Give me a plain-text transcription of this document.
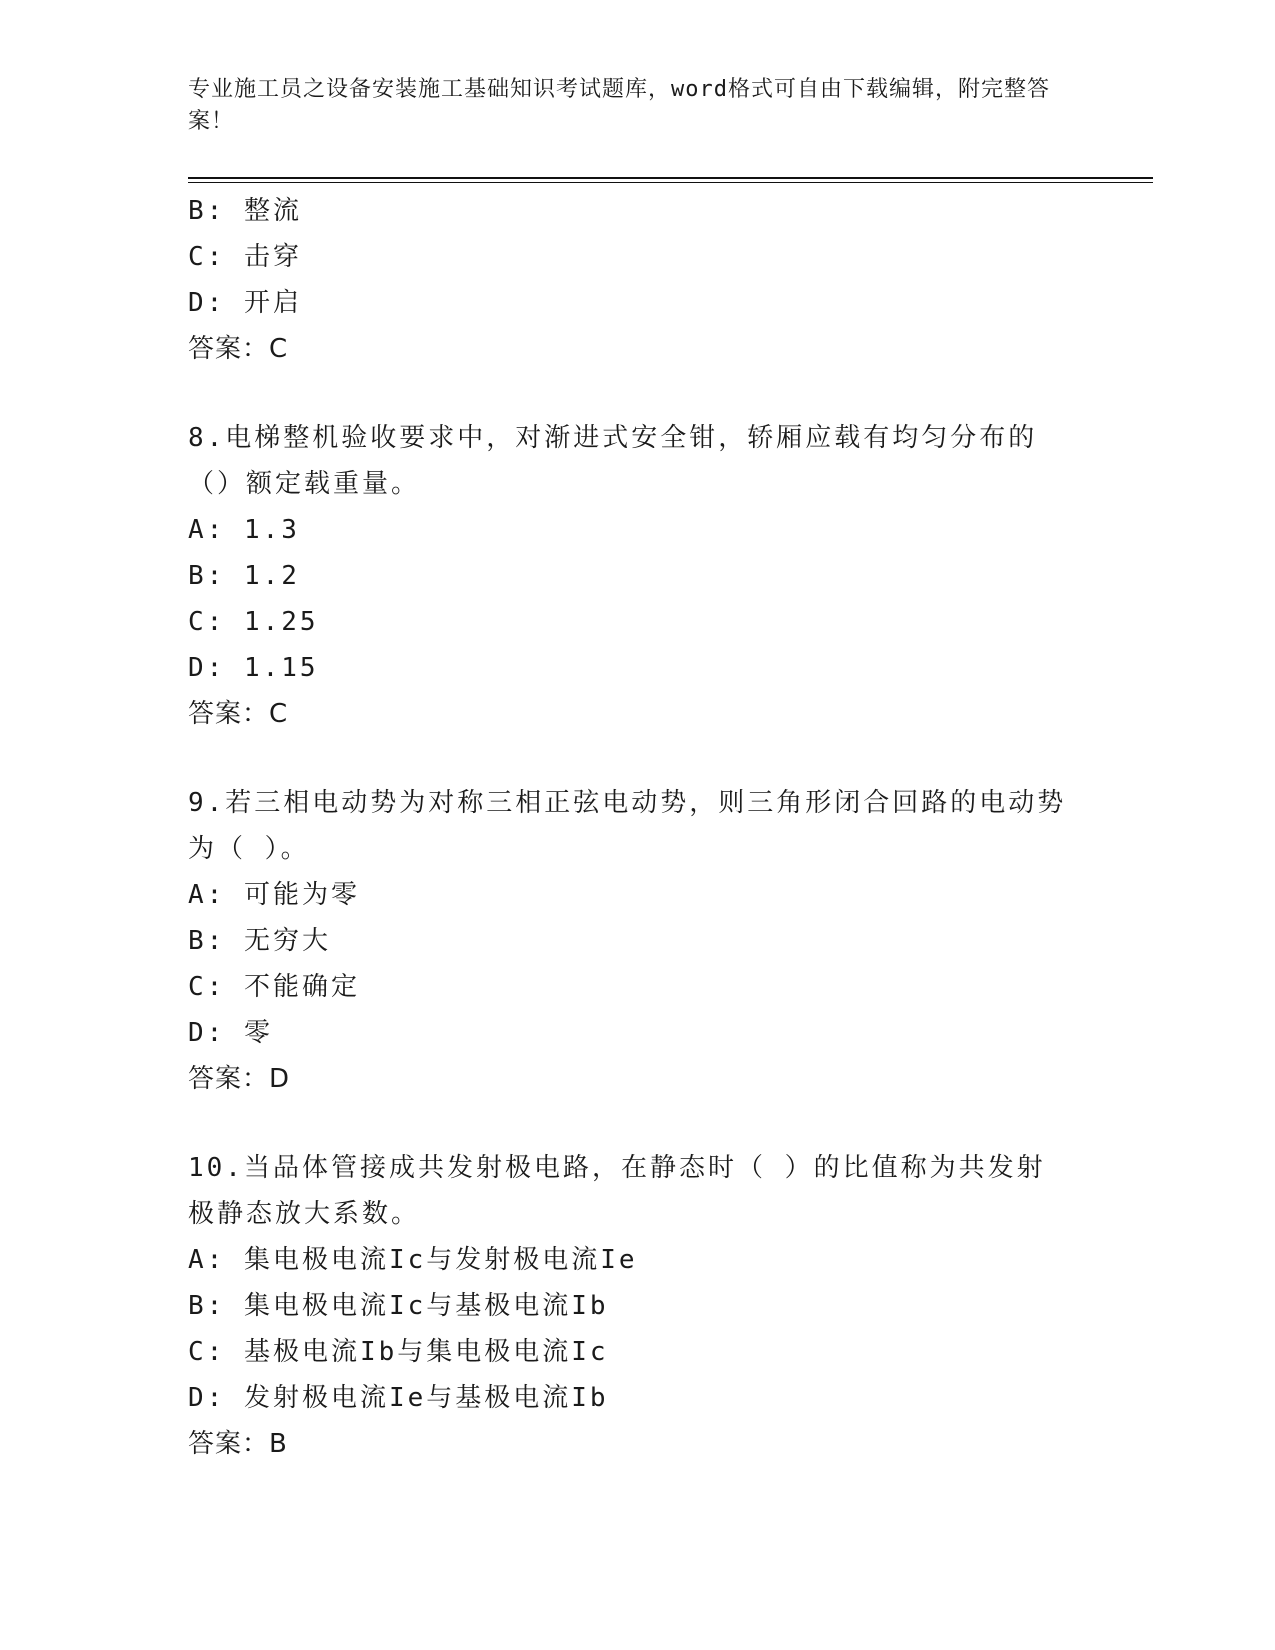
专业施工员之设备安装施工基础知识考试题库，word格式可自由下载编辑，附完整答案！
B: 整流
C: 击穿
D: 开启
答案：C
8.电梯整机验收要求中，对渐进式安全钳，轿厢应载有均匀分布的（）额定载重量。
A: 1.3
B: 1.2
C: 1.25
D: 1.15
答案：C
9.若三相电动势为对称三相正弦电动势，则三角形闭合回路的电动势为（ ）。
A: 可能为零
B: 无穷大
C: 不能确定
D: 零
答案：D
10.当品体管接成共发射极电路，在静态时（ ）的比值称为共发射极静态放大系数。
A: 集电极电流Ic与发射极电流Ie
B: 集电极电流Ic与基极电流Ib
C: 基极电流Ib与集电极电流Ic
D: 发射极电流Ie与基极电流Ib
答案：B
